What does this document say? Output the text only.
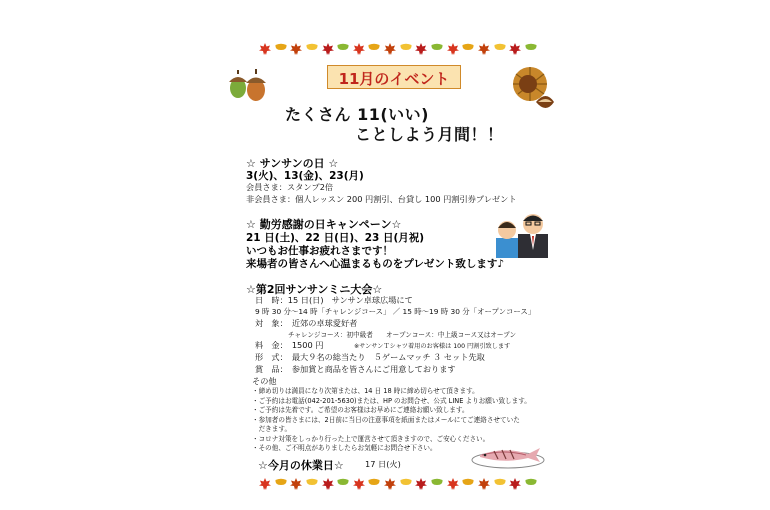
11月のイベント
たくさん 11(いい)
ことしよう月間！！
☆ サンサンの日 ☆
3(火)、13(金)、23(月)
会員さま：スタンプ2倍
非会員さま：個人レッスン 200 円割引、台貸し 100 円割引券プレゼント
☆ 勤労感謝の日キャンペーン☆
21 日(土)、22 日(日)、23 日(月祝)
いつもお仕事お疲れさまです！
来場者の皆さんへ心温まるものをプレゼント致します♪
☆第2回サンサンミニ大会☆
日　時：15 日(日)　サンサン卓球広場にて
9 時 30 分～14 時「チャレンジコース」 ／ 15 時～19 時 30 分「オープンコース」
対　象：　近郊の卓球愛好者
チャレンジコース：初中級者　　オープンコース：中上級コース又はオープン
料　金：　1500 円	※サンサンＴシャツ着用のお客様は 100 円割引致します
形　式：　最大９名の総当たり　５ゲームマッチ ３ セット先取
賞　品：　参加賞と商品を皆さんにご用意しております
その他
・締め切りは満員になり次第または、14 日 18 時に締め切らせて頂きます。
・ご予約はお電話(042-201-5630)または、HP のお問合せ、公式 LINE よりお願い致します。
・ご予約は先着です。ご希望のお客様はお早めにご連絡お願い致します。
・参加者の皆さまには、2日前に当日の注意事項を紙面またはメールにてご連絡させていた
　だきます。
・コロナ対策をしっかり行った上で運営させて頂きますので、ご安心ください。
・その他、ご不明点がありましたらお気軽にお問合せ下さい。
☆今月の休業日☆	17 日(火)
